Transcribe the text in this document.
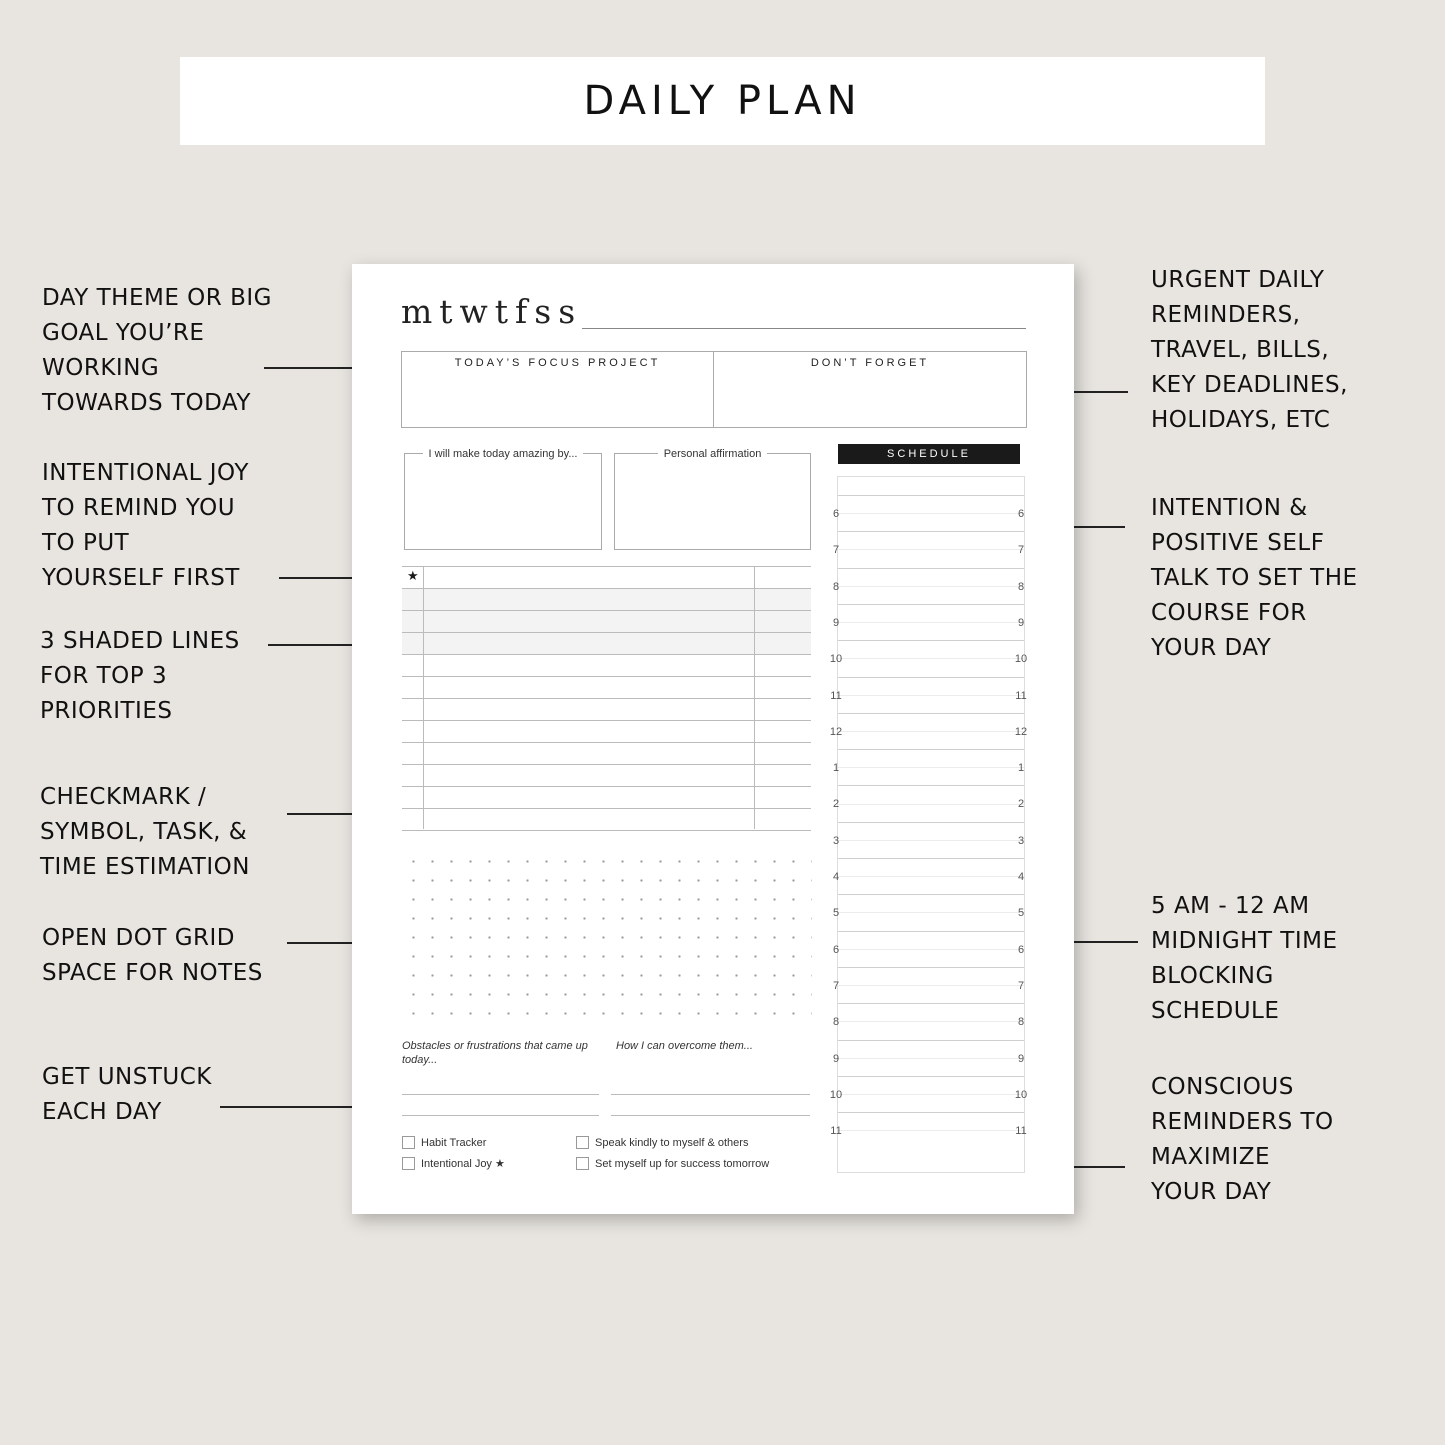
DAILY PLAN

DAY THEME OR BIG
GOAL YOU’RE
WORKING
TOWARDS TODAY

INTENTIONAL JOY
TO REMIND YOU
TO PUT
YOURSELF FIRST

3 SHADED LINES
FOR TOP 3
PRIORITIES

CHECKMARK /
SYMBOL, TASK, &
TIME ESTIMATION

OPEN DOT GRID
SPACE FOR NOTES

GET UNSTUCK
EACH DAY

URGENT DAILY
REMINDERS,
TRAVEL, BILLS,
KEY DEADLINES,
HOLIDAYS, ETC

INTENTION &
POSITIVE SELF
TALK TO SET THE
COURSE FOR
YOUR DAY

5 AM - 12 AM
MIDNIGHT TIME
BLOCKING
SCHEDULE

CONSCIOUS
REMINDERS TO
MAXIMIZE
YOUR DAY

mtwtfss
TODAY’S FOCUS PROJECT	DON’T FORGET
I will make today amazing by...	Personal affirmation	SCHEDULE
★
Obstacles or frustrations that came up today...
How I can overcome them...
Habit Tracker
Intentional Joy ★
Speak kindly to myself & others
Set myself up for success tomorrow
6	6
7	7
8	8
9	9
10	10
11	11
12	12
1	1
2	2
3	3
4	4
5	5
6	6
7	7
8	8
9	9
10	10
11	11
